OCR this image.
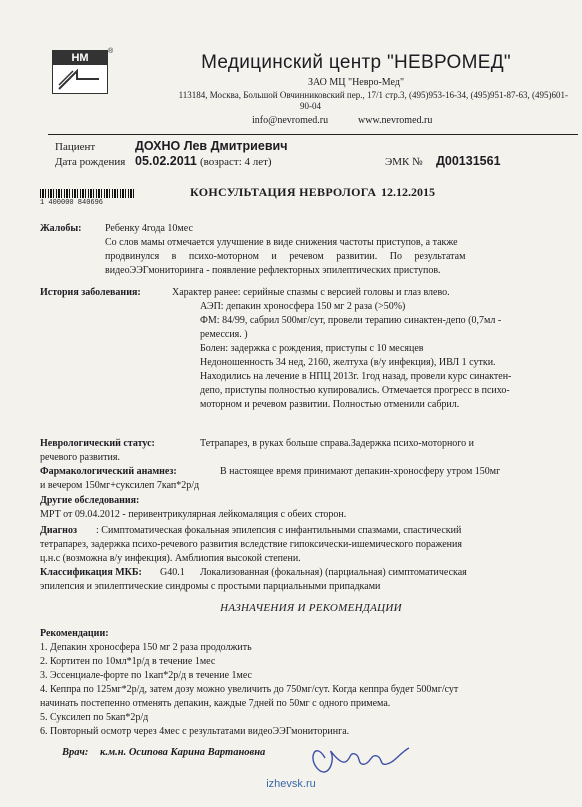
НМ
®
Медицинский центр "НЕВРОМЕД"
ЗАО МЦ "Невро-Мед"
113184, Москва, Большой Овчинниковский пер., 17/1 стр.3, (495)953-16-34, (495)951-87-63, (495)601-
90-04
info@nevromed.ru	www.nevromed.ru
Пациент	ДОХНО Лев Дмитриевич
Дата рождения 05.02.2011 (возраст: 4 лет)	ЭМК № Д00131561
1 400000 840696
КОНСУЛЬТАЦИЯ НЕВРОЛОГА 12.12.2015
Жалобы: Ребенку 4года 10мес
Со слов мамы отмечается улучшение в виде снижения частоты приступов, а также
продвинулся     в     психо-моторном     и     речевом     развитии.     По     результатам
видеоЭЭГмониторинга - появление рефлекторных эпилептических приступов.
История заболевания:	Характер ранее: серийные спазмы с версией головы и глаз влево.
АЭП: депакин хроносфера 150 мг 2 раза (>50%)
ФМ: 84/99, сабрил 500мг/сут, провели терапию синактен-депо (0,7мл -
ремессия. )
Болен: задержка с рождения, приступы с 10 месяцев
Недоношенность 34 нед, 2160, желтуха (в/у инфекция), ИВЛ 1 сутки.
Находились на лечение в НПЦ 2013г. 1год назад, провели курс синактен-
депо, приступы полностью купировались. Отмечается прогресс в психо-
моторном и речевом развитии. Полностью отменили сабрил.
Неврологический статус:	Тетрапарез, в руках больше справа.Задержка психо-моторного и
речевого развития.
Фармакологический анамнез:	В настоящее время принимают депакин-хроносферу утром 150мг
и вечером 150мг+суксилеп 7кап*2р/д
Другие обследования:
МРТ от 09.04.2012 - перивентрикулярная лейкомаляция с обеих сторон.
Диагноз : Симптоматическая фокальная эпилепсия с инфантильными спазмами, спастический
тетрапарез, задержка психо-речевого развития вследствие гипоксически-ишемического поражения
ц.н.с (возможна в/у инфекция). Амблиопия высокой степени.
Классификация МКБ: G40.1 Локализованная (фокальная) (парциальная) симптоматическая
эпилепсия и эпилептические синдромы с простыми парциальными припадками
НАЗНАЧЕНИЯ И РЕКОМЕНДАЦИИ
Рекомендации:
1. Депакин хроносфера 150 мг 2 раза продолжить
2. Кортитен по 10мл*1р/д в течение 1мес
3. Эссенциале-форте по 1кап*2р/д в течение 1мес
4. Кеппра по 125мг*2р/д, затем дозу можно увеличить до 750мг/сут. Когда кеппра будет 500мг/сут
начинать постепенно отменять депакин, каждые 7дней по 50мг с одного примема.
5. Суксилеп по 5кап*2р/д
6. Повторный осмотр через 4мес с результатами видеоЭЭГмониторинга.
Врач: к.м.н. Осипова Карина Вартановна
izhevsk.ru
